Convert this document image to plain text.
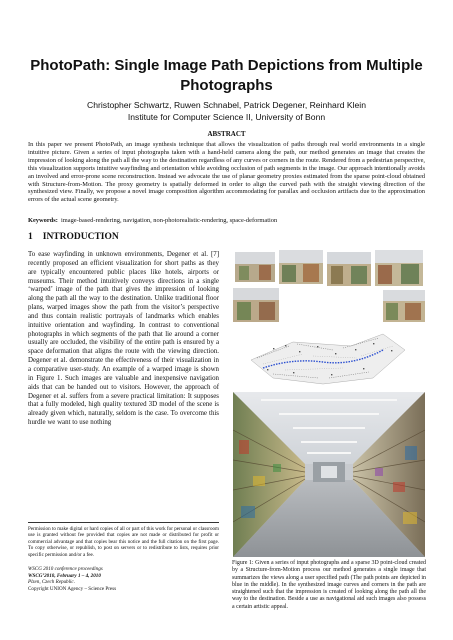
PhotoPath: Single Image Path Depictions from Multiple
Photographs
Christopher Schwartz, Ruwen Schnabel, Patrick Degener, Reinhard Klein
Institute for Computer Science II, University of Bonn
ABSTRACT

In this paper we present PhotoPath, an image synthesis technique that allows the visualization of paths through real world environments in a single intuitive picture. Given a series of input photographs taken with a hand-held camera along the path, our method generates an image that creates the impression of looking along the path all the way to the destination regardless of any curves or corners in the route. Rendered from a pedestrian perspective, this visualization supports intuitive wayfinding and orientation while avoiding occlusion of path segments in the image. Our approach intentionally avoids an involved and error-prone scene reconstruction. Instead we advocate the use of planar geometry proxies estimated from the sparse point-cloud obtained with Structure-from-Motion. The proxy geometry is spatially deformed in order to align the curved path with the straight viewing direction of the synthesized view. Finally, we propose a novel image composition algorithm accommodating for parallax and occlusion artifacts due to the approximation errors of the actual scene geometry.

Keywords: image-based-rendering, navigation, non-photorealistic-rendering, space-deformation

1 INTRODUCTION

To ease wayfinding in unknown environments, Degener et al. [7] recently proposed an efficient visualization for short paths as they are typically encountered public places like hotels, airports or museums. Their method intuitively conveys directions in a single ‘warped’ image of the path that gives the impression of looking along the path all the way to the destination. Unlike traditional floor plans, warped images show the path from the visitor’s perspective and thus contain realistic portrayals of landmarks which enables intuitive orientation and wayfinding. In contrast to conventional photographs in which segments of the path that lie around a corner usually are occluded, the visibility of the entire path is ensured by a space deformation that aligns the route with the viewing direction. Degener et al. demonstrate the effectiveness of their visualization in a comparative user-study. An example of a warped image is shown in Figure 1. Such images are valuable and inexpensive navigation aids that can be handed out to visitors. However, the approach of Degener et al. suffers from a severe practical limitation: It supposes that a fully modeled, high quality textured 3D model of the scene is already given which, naturally, seldom is the case. To overcome this hurdle we want to use nothing

Permission to make digital or hard copies of all or part of this work for personal or classroom use is granted without fee provided that copies are not made or distributed for profit or commercial advantage and that copies bear this notice and the full citation on the first page. To copy otherwise, or republish, to post on servers or to redistribute to lists, requires prior specific permission and/or a fee.

WSCG 2010 conference proceedings
WSCG’2010, February 1 – 4, 2010
Plzen, Czech Republic.
Copyright UNION Agency – Science Press

Figure 1: Given a series of input photographs and a sparse 3D point-cloud created by a Structure-from-Motion process our method generates a single image that summarizes the views along a user specified path (The path points are depicted in blue in the middle). In the synthesized image curves and corners in the path are straightened such that the impression is created of looking along the path all the way to the destination. Beside a use as navigational aid such images also possess a certain artistic appeal.
